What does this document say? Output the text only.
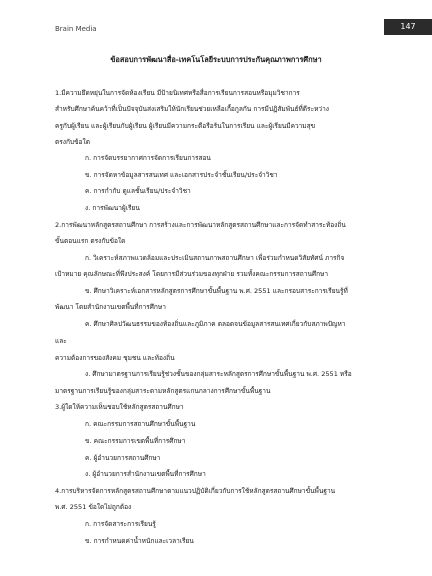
Brain Media	147
ข้อสอบการพัฒนาสื่อ-เทคโนโลยีระบบการประกันคุณภาพการศึกษา
1.มีความยึดหยุ่นในการจัดห้องเรียน มีป้ายนิเทศหรือสื่อการเรียนการสอนหรือมุมวิชาการ
สำหรับศึกษาค้นคว้าที่เป็นปัจจุบันส่งเสริมให้นักเรียนช่วยเหลือเกื้อกูลกัน การมีปฏิสัมพันธ์ที่ดีระหว่าง
ครูกับผู้เรียน และผู้เรียนกับผู้เรียน ผู้เรียนมีความกระตือรือร้นในการเรียน และผู้เรียนมีความสุข
ตรงกับข้อใด
ก. การจัดบรรยากาศการจัดการเรียนการสอน
ข. การจัดหาข้อมูลสารสนเทศ และเอกสารประจำชั้นเรียน/ประจำวิชา
ค. การกำกับ ดูแลชั้นเรียน/ประจำวิชา
ง. การพัฒนาผู้เรียน
2.การพัฒนาหลักสูตรสถานศึกษา การสร้างและการพัฒนาหลักสูตรสถานศึกษาและการจัดทำสาระท้องถิ่น
ขั้นตอนแรก ตรงกับข้อใด
ก. วิเคราะห์สภาพแวดล้อมและประเมินสถานภาพสถานศึกษา เพื่อร่วมกำหนดวิสัยทัศน์ ภารกิจ
เป้าหมาย คุณลักษณะที่พึงประสงค์ โดยการมีส่วนร่วมของทุกฝ่าย รวมทั้งคณะกรรมการสถานศึกษา
ข. ศึกษาวิเคราะห์เอกสารหลักสูตรการศึกษาขั้นพื้นฐาน พ.ศ. 2551 และกรอบสาระการเรียนรู้ที่
พัฒนา โดยสำนักงานเขตพื้นที่การศึกษา
ค. ศึกษาศิลปวัฒนธรรมของท้องถิ่นและภูมิภาค ตลอดจนข้อมูลสารสนเทศเกี่ยวกับสภาพปัญหา
และ
ความต้องการของสังคม ชุมชน และท้องถิ่น
ง. ศึกษามาตรฐานการเรียนรู้ช่วงชั้นของกลุ่มสาระหลักสูตรการศึกษาขั้นพื้นฐาน พ.ศ. 2551 หรือ
มาตรฐานการเรียนรู้ของกลุ่มสาระตามหลักสูตรแกนกลางการศึกษาขั้นพื้นฐาน
3.ผู้ใดให้ความเห็นชอบใช้หลักสูตรสถานศึกษา
ก. คณะกรรมการสถานศึกษาขั้นพื้นฐาน
ข. คณะกรรมการเขตพื้นที่การศึกษา
ค. ผู้อำนวยการสถานศึกษา
ง. ผู้อำนวยการสำนักงานเขตพื้นที่การศึกษา
4.การบริหารจัดการหลักสูตรสถานศึกษาตามแนวปฏิบัติเกี่ยวกับการใช้หลักสูตรสถานศึกษาขั้นพื้นฐาน
พ.ศ. 2551 ข้อใดไม่ถูกต้อง
ก. การจัดสาระการเรียนรู้
ข. การกำหนดค่าน้ำหนักและเวลาเรียน
